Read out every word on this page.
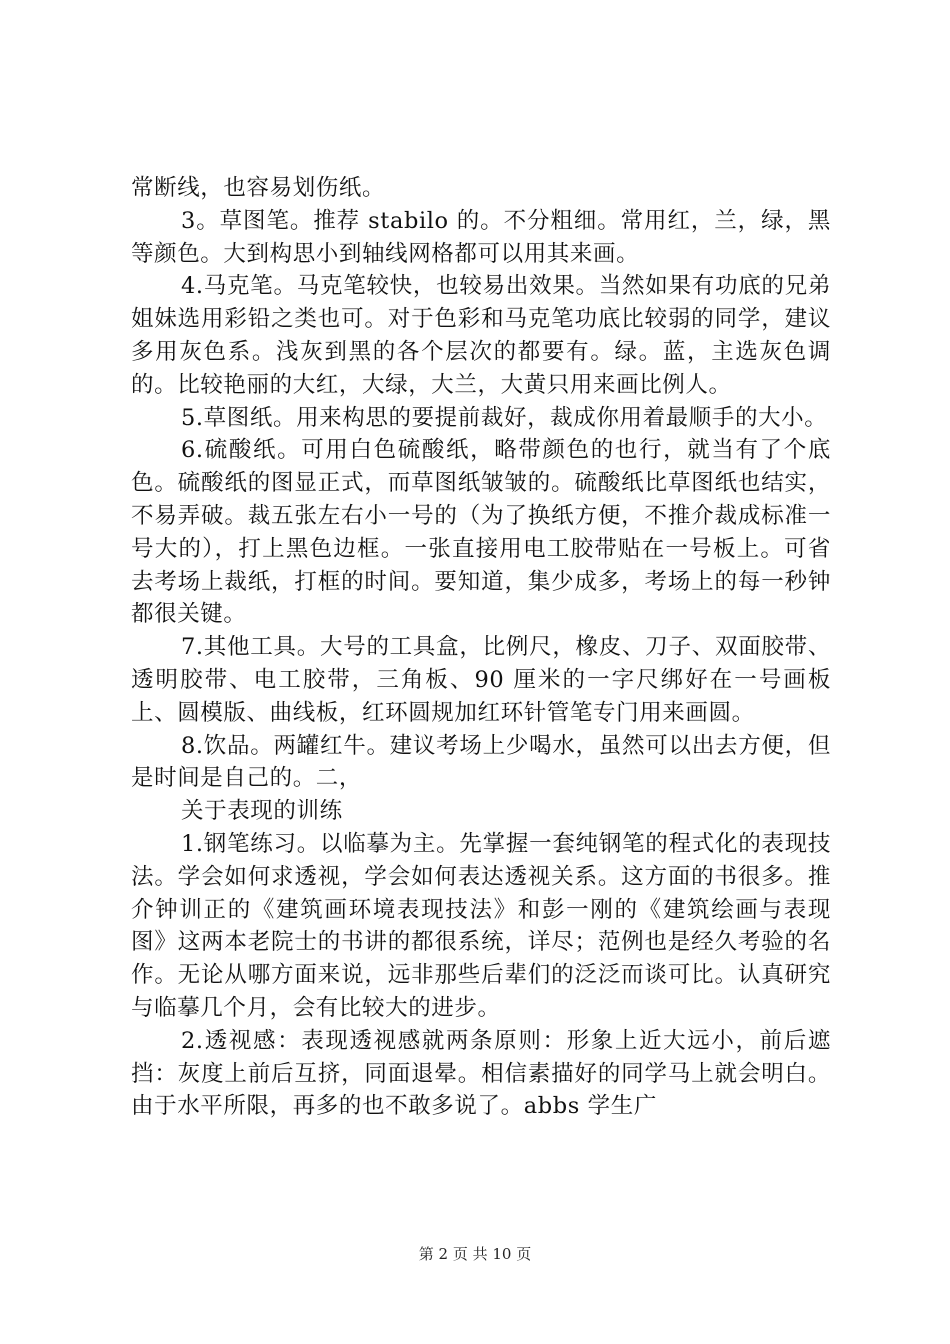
常断线，也容易划伤纸。

3。草图笔。推荐 stabilo 的。不分粗细。常用红，兰，绿，黑等颜色。大到构思小到轴线网格都可以用其来画。

4.马克笔。马克笔较快，也较易出效果。当然如果有功底的兄弟姐妹选用彩铅之类也可。对于色彩和马克笔功底比较弱的同学，建议多用灰色系。浅灰到黑的各个层次的都要有。绿。蓝，主选灰色调的。比较艳丽的大红，大绿，大兰，大黄只用来画比例人。

5.草图纸。用来构思的要提前裁好，裁成你用着最顺手的大小。

6.硫酸纸。可用白色硫酸纸，略带颜色的也行，就当有了个底色。硫酸纸的图显正式，而草图纸皱皱的。硫酸纸比草图纸也结实，不易弄破。裁五张左右小一号的（为了换纸方便，不推介裁成标准一号大的），打上黑色边框。一张直接用电工胶带贴在一号板上。可省去考场上裁纸，打框的时间。要知道，集少成多，考场上的每一秒钟都很关键。

7.其他工具。大号的工具盒，比例尺，橡皮、刀子、双面胶带、透明胶带、电工胶带，三角板、90 厘米的一字尺绑好在一号画板上、圆模版、曲线板，红环圆规加红环针管笔专门用来画圆。

8.饮品。两罐红牛。建议考场上少喝水，虽然可以出去方便，但是时间是自己的。二，

关于表现的训练

1.钢笔练习。以临摹为主。先掌握一套纯钢笔的程式化的表现技法。学会如何求透视，学会如何表达透视关系。这方面的书很多。推介钟训正的《建筑画环境表现技法》和彭一刚的《建筑绘画与表现图》这两本老院士的书讲的都很系统，详尽；范例也是经久考验的名作。无论从哪方面来说，远非那些后辈们的泛泛而谈可比。认真研究与临摹几个月，会有比较大的进步。

2.透视感：表现透视感就两条原则：形象上近大远小，前后遮挡：灰度上前后互挤，同面退晕。相信素描好的同学马上就会明白。由于水平所限，再多的也不敢多说了。abbs 学生广

第 2 页 共 10 页
